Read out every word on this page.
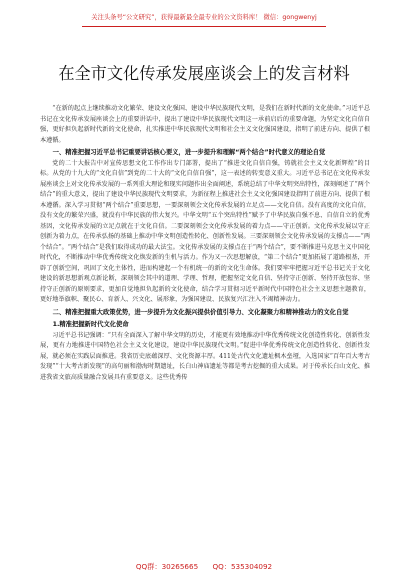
关注头条号“公文研究”，获得最新最全最专业的公文资料库！ 微信：gongwenyj
在全市文化传承发展座谈会上的发言材料

“在新的起点上继续推动文化繁荣、建设文化强国、建设中华民族现代文明，是我们在新时代新的文化使命。”习近平总书记在文化传承发展座谈会上的重要讲话中，提出了建设中华民族现代文明这一承前启后的重要命题，为坚定文化自信自强，更好担负起新时代新的文化使命，扎实推进中华民族现代文明和社会主义文化强国建设，指明了前进方向、提供了根本遵循。

一、精准把握习近平总书记重要讲话核心要义，进一步提升和理解“两个结合”时代意义的理论自觉

党的二十大报告中对宣传思想文化工作作出专门部署，提出了“推进文化自信自强，铸就社会主义文化新辉煌”的目标。从党的十九大的“文化自信”到党的二十大的“文化自信自强”，这一表述的转变意义重大。习近平总书记在文化传承发展座谈会上对文化传承发展的一系列重大理论和现实问题作出全面阐述，系统总结了中华文明突出特性，深刻阐述了“两个结合”的重大意义，提出了建设中华民族现代文明要求，为新征程上推进社会主义文化强国建设指明了前进方向、提供了根本遵循。深入学习贯彻“两个结合”重要思想，一要深刻领会文化传承发展的立足点——文化自信。没有高度的文化自信，没有文化的繁荣兴盛，就没有中华民族的伟大复兴。中华文明“五个突出特性”赋予了中华民族自强不息、自信自立的优秀基因，文化传承发展的立足点就在于文化自信。二要深刻领会文化传承发展的着力点——守正创新。文化传承发展以守正创新为着力点，在传承弘扬的基础上推动中华文明创造性转化、创新性发展。三要深刻领会文化传承发展的支撑点——“两个结合”。“两个结合”是我们取得成功的最大法宝。文化传承发展的支撑点在于“两个结合”，要不断推进马克思主义中国化时代化，不断推动中华优秀传统文化焕发新的生机与活力。作为又一次思想解放，“第二个结合”更加拓展了道路根基，开辟了创新空间，巩固了文化主体性，进而构建起一个有机统一的新的文化生命体。我们要牢牢把握习近平总书记关于文化建设的新思想新观点新论断，深刻领会其中的道理、学理、哲理，把握坚定文化自信、坚持守正创新、坚持开放包容、坚持守正创新的原则要求，更加自觉地担负起新的文化使命，结合学习贯彻习近平新时代中国特色社会主义思想主题教育，更好地举旗帜、聚民心、育新人、兴文化、展形象，为强国建设、民族复兴汇注入不竭精神动力。

二、精准把握重大政策优势，进一步提升为文化振兴提供价值引导力、文化凝聚力和精神推动力的文化自觉

1.精准把握新时代文化使命

习近平总书记强调：“只有全面深入了解中华文明的历史，才能更有效地推动中华优秀传统文化创造性转化、创新性发展，更有力地推进中国特色社会主义文化建设，建设中华民族现代文明。”促进中华优秀传统文化创造性转化、创新性发展，就必须在实践层面推进。我省历史底蕴深厚、文化资源丰厚。411处古代文化遗址枫木垒垭，入选国家“百年百大考古发现”“十大考古新发现”的高句丽和渤海时期遗址，长白山神庙遗址等都是考古挖掘的重大成果。对于传承长白山文化、推进我省文旅高质量融合发展具有重要意义。这些优秀传

QQ群：30265665 QQ：535304092
